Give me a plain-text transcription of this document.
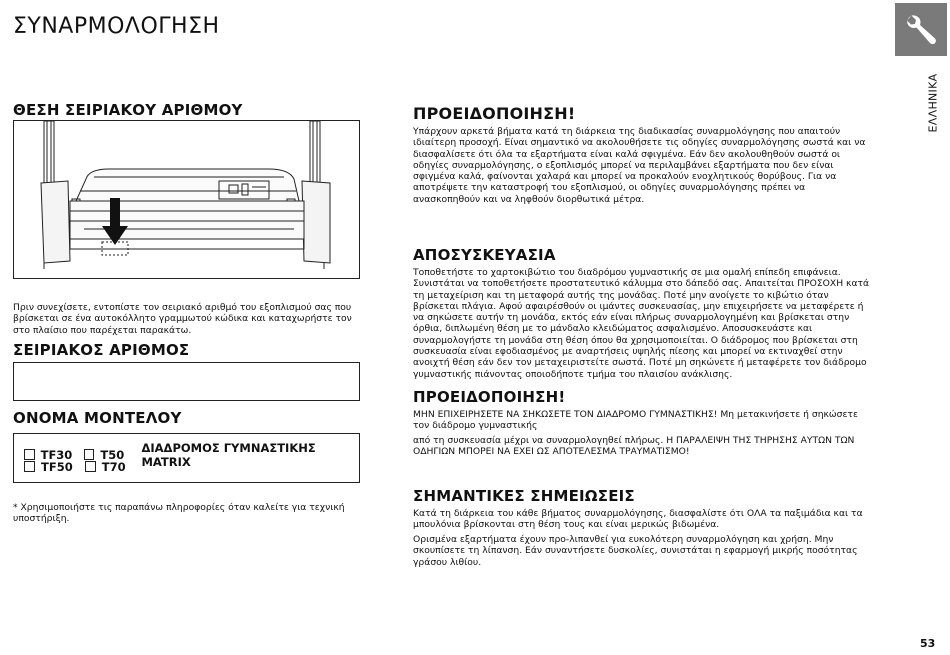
ΣΥΝΑΡΜΟΛΟΓΗΣΗ
ΕΛΛΗΝΙΚΑ
ΘΕΣΗ ΣΕΙΡΙΑΚΟΥ ΑΡΙΘΜΟΥ
Πριν συνεχίσετε, εντοπίστε τον σειριακό αριθμό του εξοπλισμού σας που βρίσκεται σε ένα αυτοκόλλητο γραμμωτού κώδικα και καταχωρήστε τον στο πλαίσιο που παρέχεται παρακάτω.
ΣΕΙΡΙΑΚΟΣ ΑΡΙΘΜΟΣ
ΟΝΟΜΑ ΜΟΝΤΕΛΟΥ
TF30 T50 ΔΙΑΔΡΟΜΟΣ ΓΥΜΝΑΣΤΙΚΗΣ MATRIX
TF50	T70
* Χρησιμοποιήστε τις παραπάνω πληροφορίες όταν καλείτε για τεχνική υποστήριξη.
ΠΡΟΕΙΔΟΠΟΙΗΣΗ!
Υπάρχουν αρκετά βήματα κατά τη διάρκεια της διαδικασίας συναρμολόγησης που απαιτούν ιδιαίτερη προσοχή. Είναι σημαντικό να ακολουθήσετε τις οδηγίες συναρμολόγησης σωστά και να διασφαλίσετε ότι όλα τα εξαρτήματα είναι καλά σφιγμένα. Εάν δεν ακολουθηθούν σωστά οι οδηγίες συναρμολόγησης, ο εξοπλισμός μπορεί να περιλαμβάνει εξαρτήματα που δεν είναι σφιγμένα καλά, φαίνονται χαλαρά και μπορεί να προκαλούν ενοχλητικούς θορύβους. Για να αποτρέψετε την καταστροφή του εξοπλισμού, οι οδηγίες συναρμολόγησης πρέπει να ανασκοπηθούν και να ληφθούν διορθωτικά μέτρα.
ΑΠΟΣΥΣΚΕΥΑΣΙΑ
Τοποθετήστε το χαρτοκιβώτιο του διαδρόμου γυμναστικής σε μια ομαλή επίπεδη επιφάνεια. Συνιστάται να τοποθετήσετε προστατευτικό κάλυμμα στο δάπεδό σας. Απαιτείται ΠΡΟΣΟΧΗ κατά τη μεταχείριση και τη μεταφορά αυτής της μονάδας. Ποτέ μην ανοίγετε το κιβώτιο όταν βρίσκεται πλάγια. Αφού αφαιρέσθούν οι ιμάντες συσκευασίας, μην επιχειρήσετε να μεταφέρετε ή να σηκώσετε αυτήν τη μονάδα, εκτός εάν είναι πλήρως συναρμολογημένη και βρίσκεται στην όρθια, διπλωμένη θέση με το μάνδαλο κλειδώματος ασφαλισμένο. Αποσυσκευάστε και συναρμολογήστε τη μονάδα στη θέση όπου θα χρησιμοποιείται. Ο διάδρομος που βρίσκεται στη συσκευασία είναι εφοδιασμένος με αναρτήσεις υψηλής πίεσης και μπορεί να εκτιναχθεί στην ανοιχτή θέση εάν δεν τον μεταχειριστείτε σωστά. Ποτέ μη σηκώνετε ή μεταφέρετε τον διάδρομο γυμναστικής πιάνοντας οποιοδήποτε τμήμα του πλαισίου ανάκλισης.
ΠΡΟΕΙΔΟΠΟΙΗΣΗ!
ΜΗΝ ΕΠΙΧΕΙΡΗΣΕΤΕ ΝΑ ΣΗΚΩΣΕΤΕ ΤΟΝ ΔΙΑΔΡΟΜΟ ΓΥΜΝΑΣΤΙΚΗΣ! Μη μετακινήσετε ή σηκώσετε τον διάδρομο γυμναστικής
από τη συσκευασία μέχρι να συναρμολογηθεί πλήρως. Η ΠΑΡΑΛΕΙΨΗ ΤΗΣ ΤΗΡΗΣΗΣ ΑΥΤΩΝ ΤΩΝ ΟΔΗΓΙΩΝ ΜΠΟΡΕΙ ΝΑ ΕΧΕΙ ΩΣ ΑΠΟΤΕΛΕΣΜΑ ΤΡΑΥΜΑΤΙΣΜΟ!
ΣΗΜΑΝΤΙΚΕΣ ΣΗΜΕΙΩΣΕΙΣ
Κατά τη διάρκεια του κάθε βήματος συναρμολόγησης, διασφαλίστε ότι ΟΛΑ τα παξιμάδια και τα μπουλόνια βρίσκονται στη θέση τους και είναι μερικώς βιδωμένα.
Ορισμένα εξαρτήματα έχουν προ-λιπανθεί για ευκολότερη συναρμολόγηση και χρήση. Μην σκουπίσετε τη λίπανση. Εάν συναντήσετε δυσκολίες, συνιστάται η εφαρμογή μικρής ποσότητας γράσου λιθίου.
53
